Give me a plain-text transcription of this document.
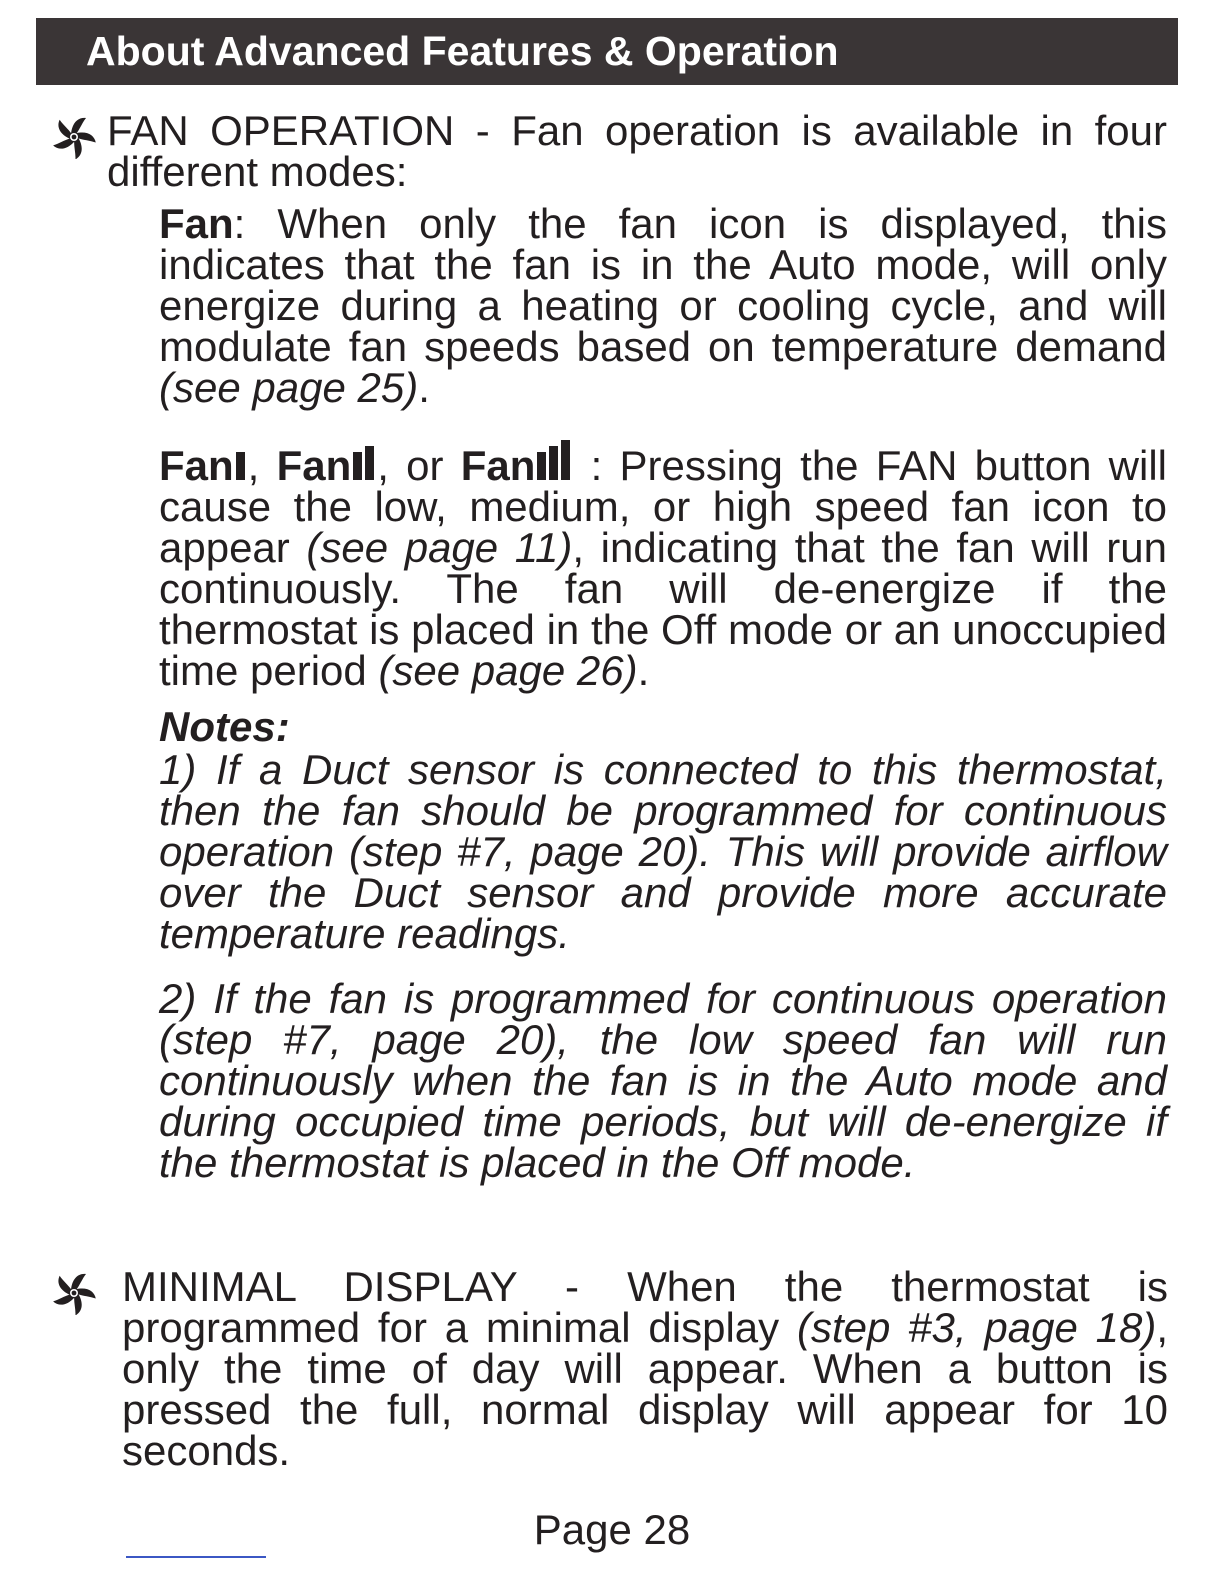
About Advanced Features & Operation
FAN OPERATION - Fan operation is available in four different modes:

Fan: When only the fan icon is displayed, this indicates that the fan is in the Auto mode, will only energize during a heating or cooling cycle, and will modulate fan speeds based on temperature demand (see page 25).

Fan , Fan , or Fan : Pressing the FAN button will cause the low, medium, or high speed fan icon to appear (see page 11), indicating that the fan will run continuously. The fan will de-energize if the thermostat is placed in the Off mode or an unoccupied time period (see page 26).

Notes:

1) If a Duct sensor is connected to this thermostat, then the fan should be programmed for continuous operation (step #7, page 20). This will provide airflow over the Duct sensor and provide more accurate temperature readings.

2) If the fan is programmed for continuous operation (step #7, page 20), the low speed fan will run continuously when the fan is in the Auto mode and during occupied time periods, but will de-energize if the thermostat is placed in the Off mode.

MINIMAL DISPLAY - When the thermostat is programmed for a minimal display (step #3, page 18), only the time of day will appear. When a button is pressed the full, normal display will appear for 10 seconds.
Page 28
